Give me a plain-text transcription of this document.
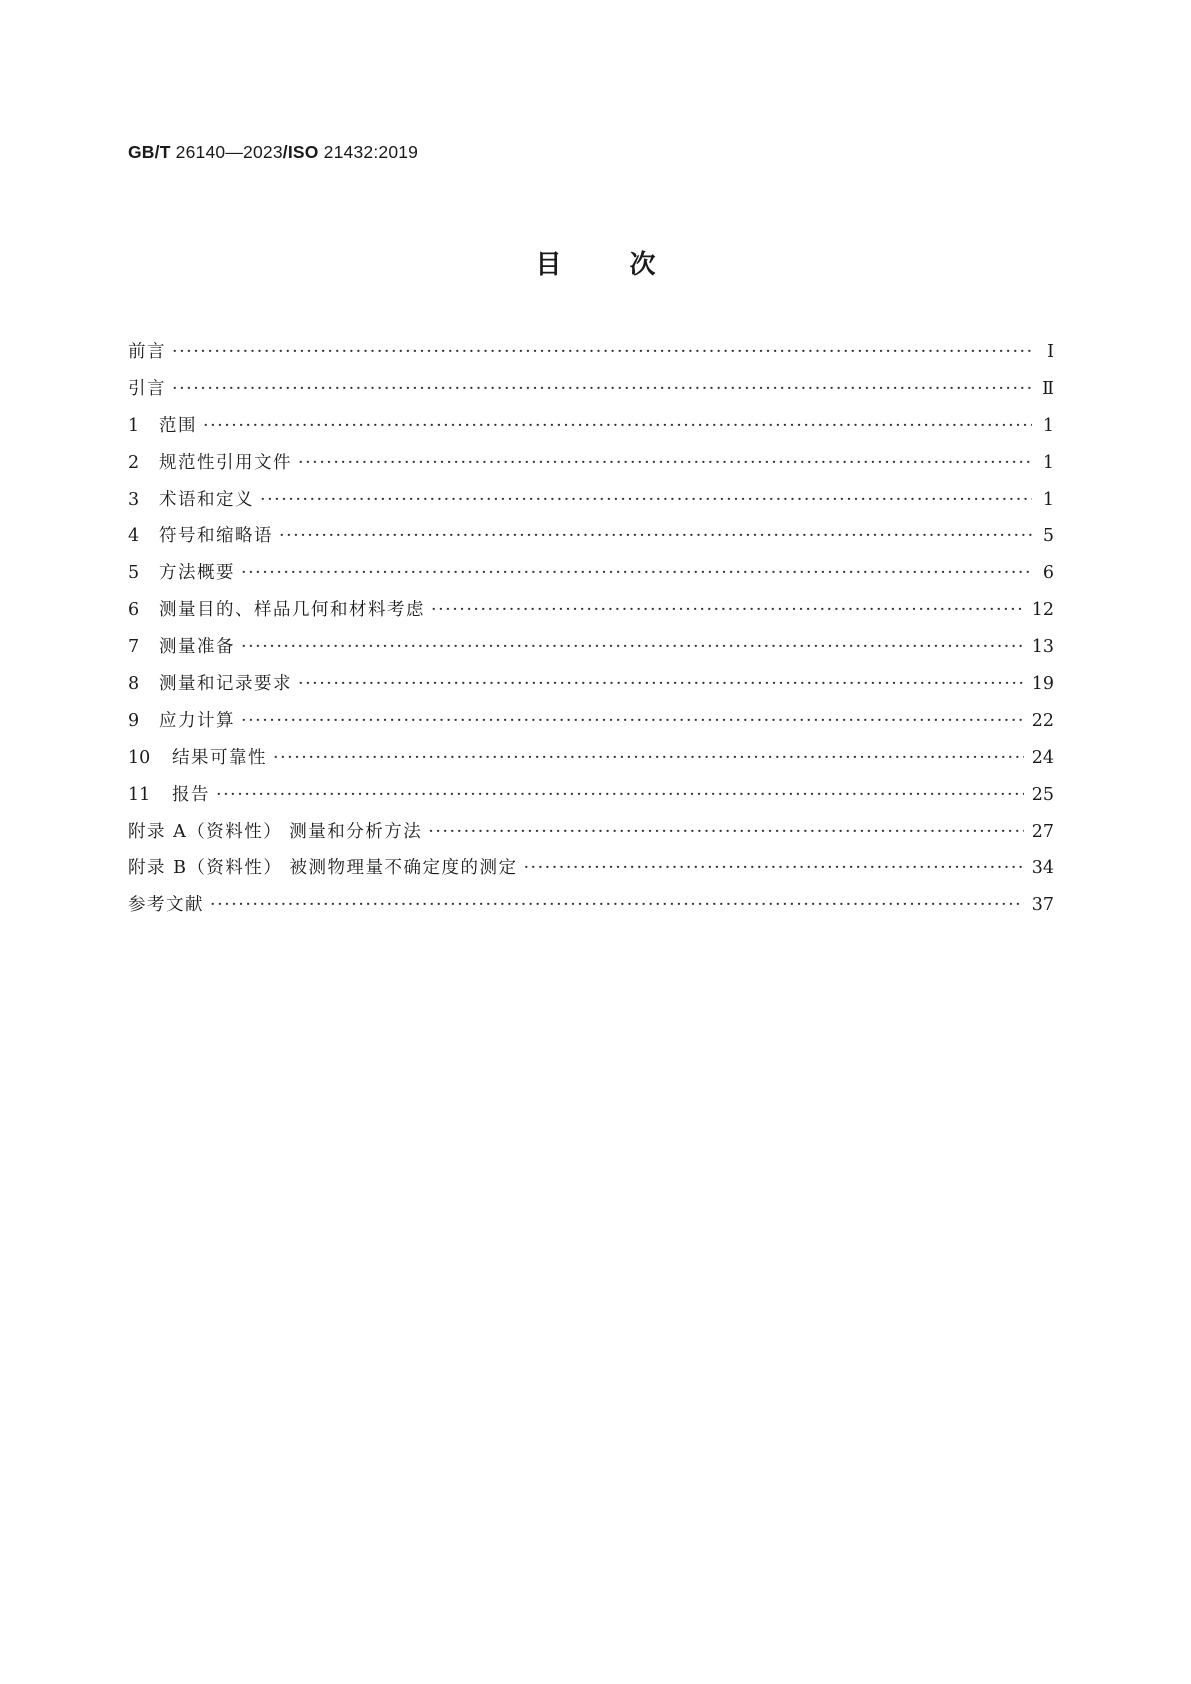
GB/T 26140—2023/ISO 21432:2019
目	次
前言 ·····	Ⅰ
引言 ·····	Ⅱ
1 范围 ·····	1
2 规范性引用文件 ·····	1
3 术语和定义 ·····	1
4 符号和缩略语 ·····	5
5 方法概要 ·····	6
6 测量目的、样品几何和材料考虑 ·····	12
7 测量准备 ·····	13
8 测量和记录要求 ·····	19
9 应力计算 ·····	22
10 结果可靠性 ·····	24
11 报告 ·····	25
附录 A（资料性） 测量和分析方法 ·····	27
附录 B（资料性） 被测物理量不确定度的测定 ·····	34
参考文献 ·····	37
